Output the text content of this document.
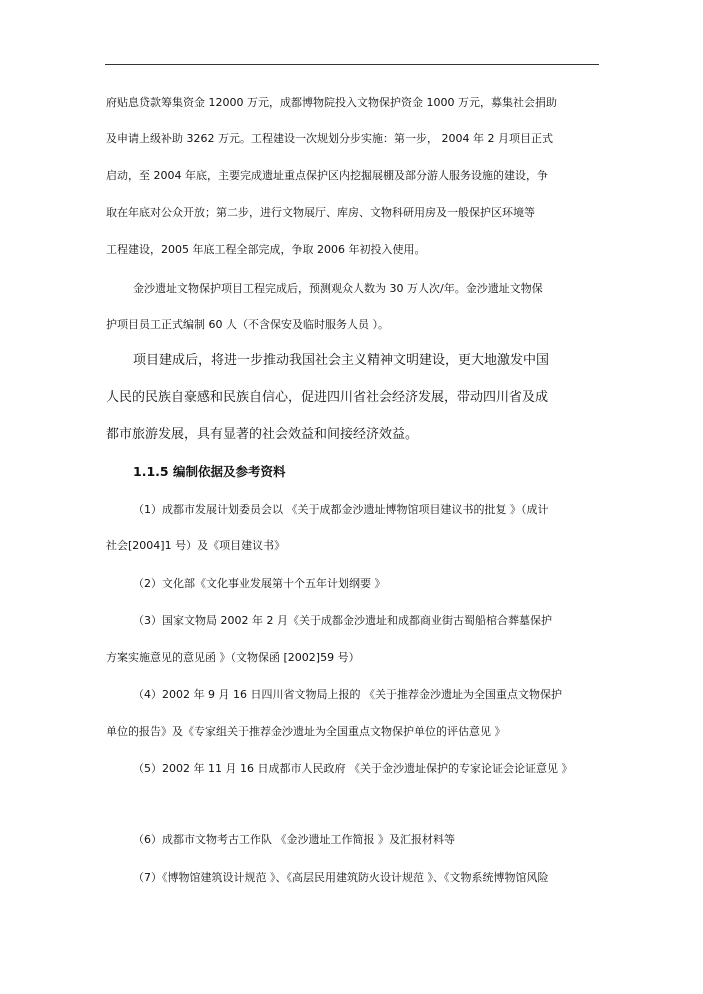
府贴息贷款筹集资金 12000 万元，成都博物院投入文物保护资金 1000 万元，募集社会捐助
及申请上级补助 3262 万元。工程建设一次规划分步实施：第一步， 2004 年 2 月项目正式
启动，至 2004 年底，主要完成遗址重点保护区内挖掘展棚及部分游人服务设施的建设，争
取在年底对公众开放；第二步，进行文物展厅、库房、文物科研用房及一般保护区环境等
工程建设，2005 年底工程全部完成，争取 2006 年初投入使用。
金沙遗址文物保护项目工程完成后，预测观众人数为 30 万人次/年。金沙遗址文物保
护项目员工正式编制 60 人（不含保安及临时服务人员 ）。
项目建成后，将进一步推动我国社会主义精神文明建设，更大地激发中国
人民的民族自豪感和民族自信心，促进四川省社会经济发展，带动四川省及成
都市旅游发展，具有显著的社会效益和间接经济效益。
1.1.5 编制依据及参考资料
（1）成都市发展计划委员会以 《关于成都金沙遗址博物馆项目建议书的批复 》（成计
社会[2004]1 号）及《项目建议书》
（2）文化部《文化事业发展第十个五年计划纲要 》
（3）国家文物局 2002 年 2 月《关于成都金沙遗址和成都商业街古蜀船棺合葬墓保护
方案实施意见的意见函 》（文物保函 [2002]59 号）
（4）2002 年 9 月 16 日四川省文物局上报的 《关于推荐金沙遗址为全国重点文物保护
单位的报告》及《专家组关于推荐金沙遗址为全国重点文物保护单位的评估意见 》
（5）2002 年 11 月 16 日成都市人民政府 《关于金沙遗址保护的专家论证会论证意见 》
（6）成都市文物考古工作队 《金沙遗址工作简报 》及汇报材料等
（7）《博物馆建筑设计规范 》、《高层民用建筑防火设计规范 》、《文物系统博物馆风险
